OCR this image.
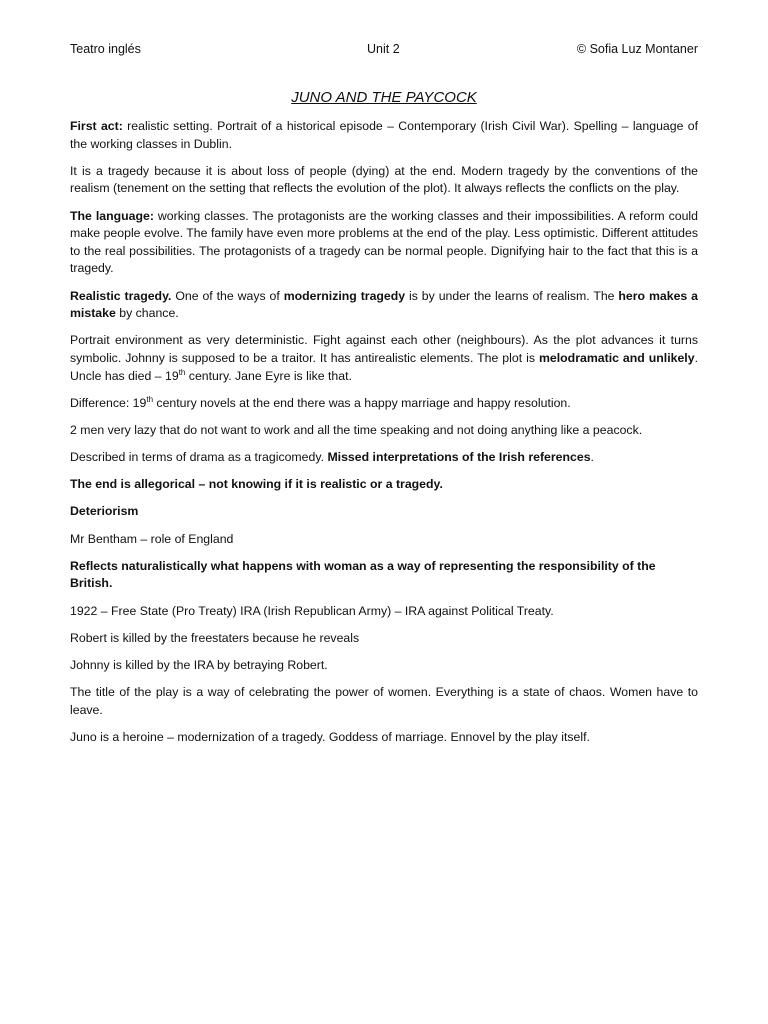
Teatro inglés	Unit 2	© Sofia Luz Montaner
JUNO AND THE PAYCOCK

First act: realistic setting. Portrait of a historical episode – Contemporary (Irish Civil War). Spelling – language of the working classes in Dublin.

It is a tragedy because it is about loss of people (dying) at the end. Modern tragedy by the conventions of the realism (tenement on the setting that reflects the evolution of the plot). It always reflects the conflicts on the play.

The language: working classes. The protagonists are the working classes and their impossibilities. A reform could make people evolve. The family have even more problems at the end of the play. Less optimistic. Different attitudes to the real possibilities. The protagonists of a tragedy can be normal people. Dignifying hair to the fact that this is a tragedy.

Realistic tragedy. One of the ways of modernizing tragedy is by under the learns of realism. The hero makes a mistake by chance.

Portrait environment as very deterministic. Fight against each other (neighbours). As the plot advances it turns symbolic. Johnny is supposed to be a traitor. It has antirealistic elements. The plot is melodramatic and unlikely. Uncle has died – 19th century. Jane Eyre is like that.

Difference: 19th century novels at the end there was a happy marriage and happy resolution.

2 men very lazy that do not want to work and all the time speaking and not doing anything like a peacock.

Described in terms of drama as a tragicomedy. Missed interpretations of the Irish references.

The end is allegorical – not knowing if it is realistic or a tragedy.

Deteriorism

Mr Bentham – role of England

Reflects naturalistically what happens with woman as a way of representing the responsibility of the British.

1922 – Free State (Pro Treaty) IRA (Irish Republican Army) – IRA against Political Treaty.

Robert is killed by the freestaters because he reveals

Johnny is killed by the IRA by betraying Robert.

The title of the play is a way of celebrating the power of women. Everything is a state of chaos. Women have to leave.

Juno is a heroine – modernization of a tragedy. Goddess of marriage. Ennovel by the play itself.
